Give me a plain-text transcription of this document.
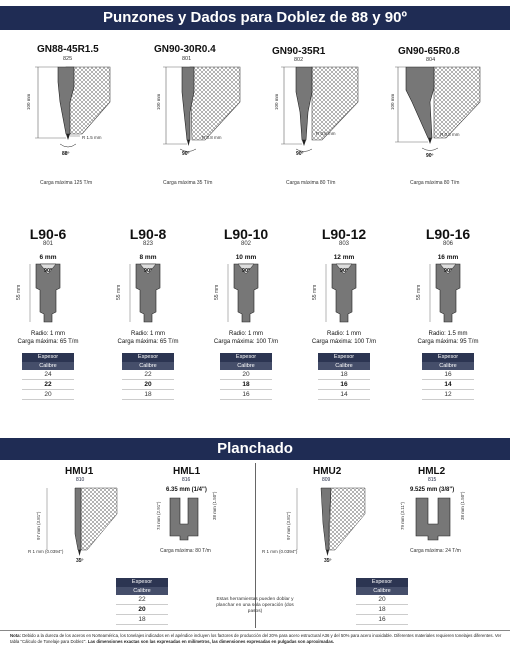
Punzones y Dados para Doblez de 88 y 90º
GN88-45R1.5
825
100 mm
R 1.5 mm
88º
Carga máxima 125 T/m
GN90-30R0.4
801
100 mm
R 0.8 mm
90º
Carga máxima 35 T/m
GN90-35R1
802
100 mm
R 0.8 mm
90º
Carga máxima 80 T/m
GN90-65R0.8
804
100 mm
R 0.8 mm
90º
Carga máxima 80 T/m
L90-6
801
6 mm
55 mm
90º
Radio: 1 mm
Carga máxima: 65 T/m
Espesor
Calibre
24
22
20
L90-8
823
8 mm
55 mm
90º
Radio: 1 mm
Carga máxima: 65 T/m
Espesor
Calibre
22
20
18
L90-10
802
10 mm
55 mm
90º
Radio: 1 mm
Carga máxima: 100 T/m
Espesor
Calibre
20
18
16
L90-12
803
12 mm
55 mm
90º
Radio: 1 mm
Carga máxima: 100 T/m
Espesor
Calibre
18
16
14
L90-16
806
16 mm
55 mm
90º
Radio: 1.5 mm
Carga máxima: 95 T/m
Espesor
Calibre
16
14
12
Planchado
HMU1
810
97 mm (3.81")
R 1 mm (0.0394")
35º
HML1
816
6.35 mm (1/4")
74 mm (2.91")	38 mm (1.50")
Carga máxima: 80 T/m
HMU2
809
97 mm (3.81")
R 1 mm (0.0394")
35º
HML2
815
9.525 mm (3/8")
79 mm (3.11")	38 mm (1.50")
Carga máxima: 24 T/m
Espesor
Calibre
22
20
18
Estas herramientas pueden doblar y planchar en una sola operación (dos pasos)
Espesor
Calibre
20
18
16
Nota: Debido a la dureza de los aceros en Norteamérica, los tonelajes indicados en el apéndice incluyen los factores de producción del 20% para acero estructural A36 y del 50% para acero inoxidable. Diferentes materiales requieren tonelajes diferentes. Ver tabla "Cálculo de Tonelaje para Doblez". Las dimensiones exactas son las expresadas en milímetros, las dimensiones expresadas en pulgadas son aproximadas.
